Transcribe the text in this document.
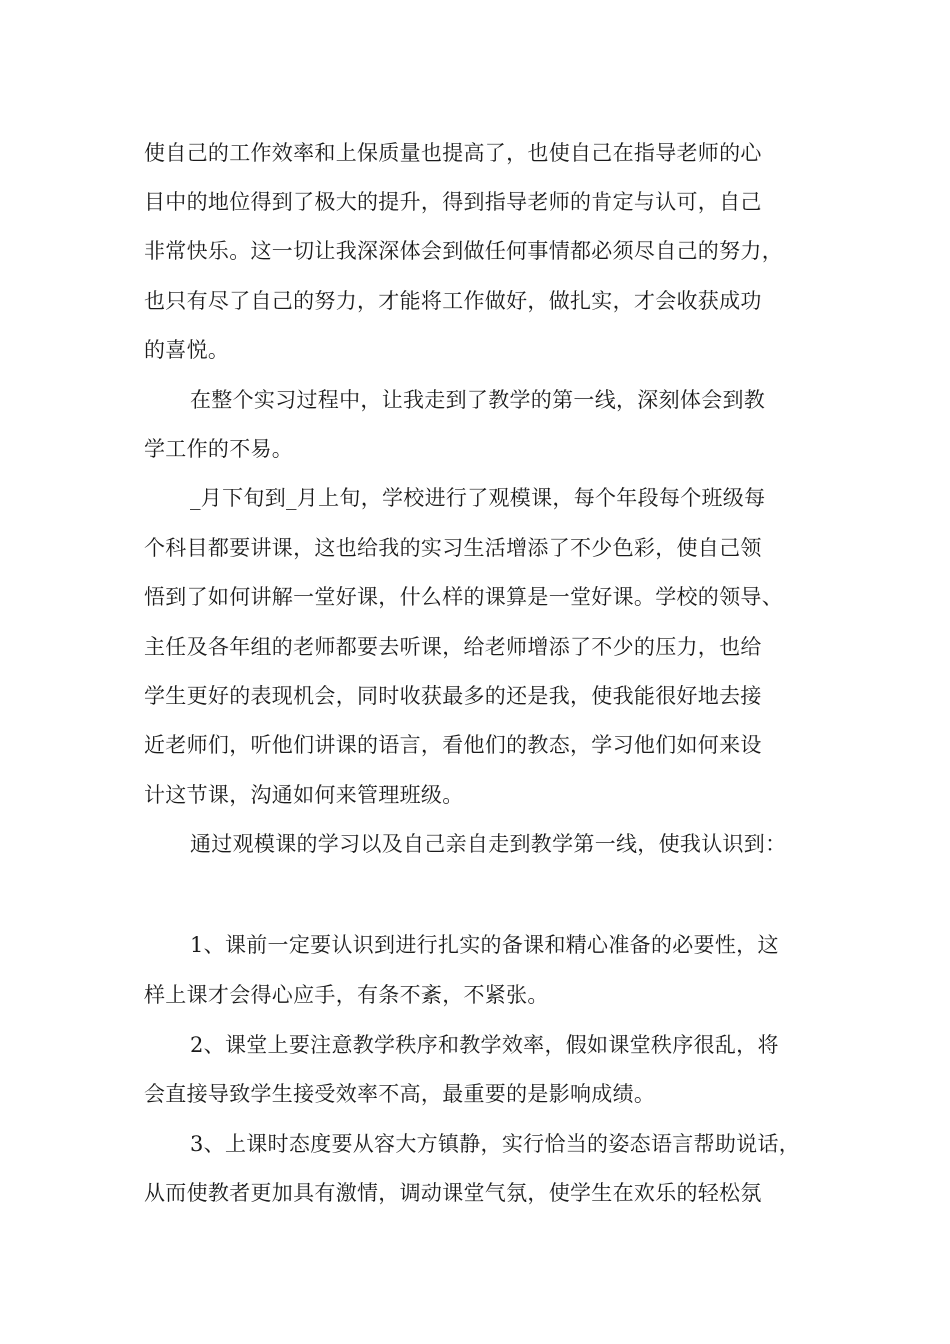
使自己的工作效率和上保质量也提高了，也使自己在指导老师的心
目中的地位得到了极大的提升，得到指导老师的肯定与认可，自己
非常快乐。这一切让我深深体会到做任何事情都必须尽自己的努力，
也只有尽了自己的努力，才能将工作做好，做扎实，才会收获成功
的喜悦。
在整个实习过程中，让我走到了教学的第一线，深刻体会到教
学工作的不易。
_月下旬到_月上旬，学校进行了观模课，每个年段每个班级每
个科目都要讲课，这也给我的实习生活增添了不少色彩，使自己领
悟到了如何讲解一堂好课，什么样的课算是一堂好课。学校的领导、
主任及各年组的老师都要去听课，给老师增添了不少的压力，也给
学生更好的表现机会，同时收获最多的还是我，使我能很好地去接
近老师们，听他们讲课的语言，看他们的教态，学习他们如何来设
计这节课，沟通如何来管理班级。
通过观模课的学习以及自己亲自走到教学第一线，使我认识到：
1、课前一定要认识到进行扎实的备课和精心准备的必要性，这
样上课才会得心应手，有条不紊，不紧张。
2、课堂上要注意教学秩序和教学效率，假如课堂秩序很乱，将
会直接导致学生接受效率不高，最重要的是影响成绩。
3、上课时态度要从容大方镇静，实行恰当的姿态语言帮助说话，
从而使教者更加具有激情，调动课堂气氛，使学生在欢乐的轻松氛
